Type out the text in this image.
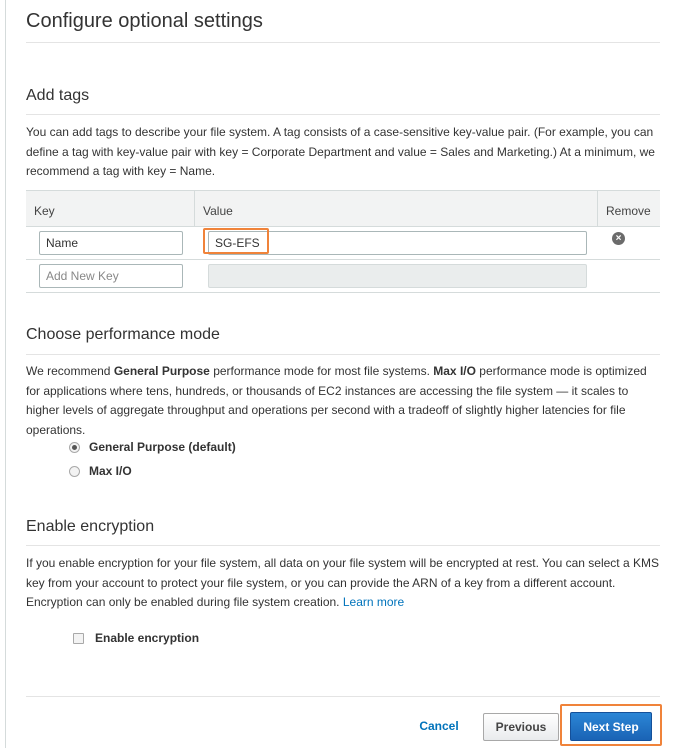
Configure optional settings
Add tags

You can add tags to describe your file system. A tag consists of a case-sensitive key-value pair. (For example, you can define a tag with key-value pair with key = Corporate Department and value = Sales and Marketing.) At a minimum, we recommend a tag with key = Name.

Key	Value	Remove
Name	SG-EFS	×
Add New Key
Choose performance mode

We recommend General Purpose performance mode for most file systems. Max I/O performance mode is optimized for applications where tens, hundreds, or thousands of EC2 instances are accessing the file system — it scales to higher levels of aggregate throughput and operations per second with a tradeoff of slightly higher latencies for file operations.

General Purpose (default)
Max I/O
Enable encryption

If you enable encryption for your file system, all data on your file system will be encrypted at rest. You can select a KMS key from your account to protect your file system, or you can provide the ARN of a key from a different account. Encryption can only be enabled during file system creation. Learn more

Enable encryption
Cancel	Previous	Next Step
